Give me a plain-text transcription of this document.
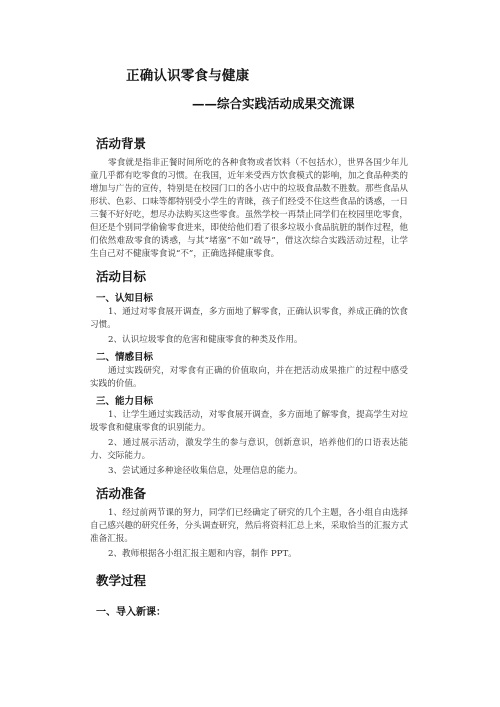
正确认识零食与健康
——综合实践活动成果交流课
活动背景
零食就是指非正餐时间所吃的各种食物或者饮料（不包括水），世界各国少年儿童几乎都有吃零食的习惯。在我国，近年来受西方饮食模式的影响，加之食品种类的增加与广告的宣传，特别是在校园门口的各小店中的垃圾食品数不胜数。那些食品从形状、色彩、口味等都特别受小学生的青睐，孩子们经受不住这些食品的诱惑，一日三餐不好好吃，想尽办法购买这些零食。虽然学校一再禁止同学们在校园里吃零食，但还是个别同学偷偷零食进来，即使给他们看了很多垃圾小食品肮脏的制作过程，他们依然难敌零食的诱惑，与其“堵塞”不如“疏导”，借这次综合实践活动过程，让学生自己对不健康零食说“不”，正确选择健康零食。
活动目标
一、认知目标
1、通过对零食展开调查，多方面地了解零食，正确认识零食，养成正确的饮食习惯。
2、认识垃圾零食的危害和健康零食的种类及作用。
二、情感目标
通过实践研究，对零食有正确的价值取向，并在把活动成果推广的过程中感受实践的价值。
三、能力目标
1、让学生通过实践活动，对零食展开调查，多方面地了解零食，提高学生对垃圾零食和健康零食的识别能力。
2、通过展示活动，激发学生的参与意识，创新意识，培养他们的口语表达能力、交际能力。
3、尝试通过多种途径收集信息，处理信息的能力。
活动准备
1、经过前两节课的努力，同学们已经确定了研究的几个主题，各小组自由选择自己感兴趣的研究任务，分头调查研究，然后将资料汇总上来，采取恰当的汇报方式准备汇报。
2、教师根据各小组汇报主题和内容，制作 PPT。
教学过程
一、导入新课：
